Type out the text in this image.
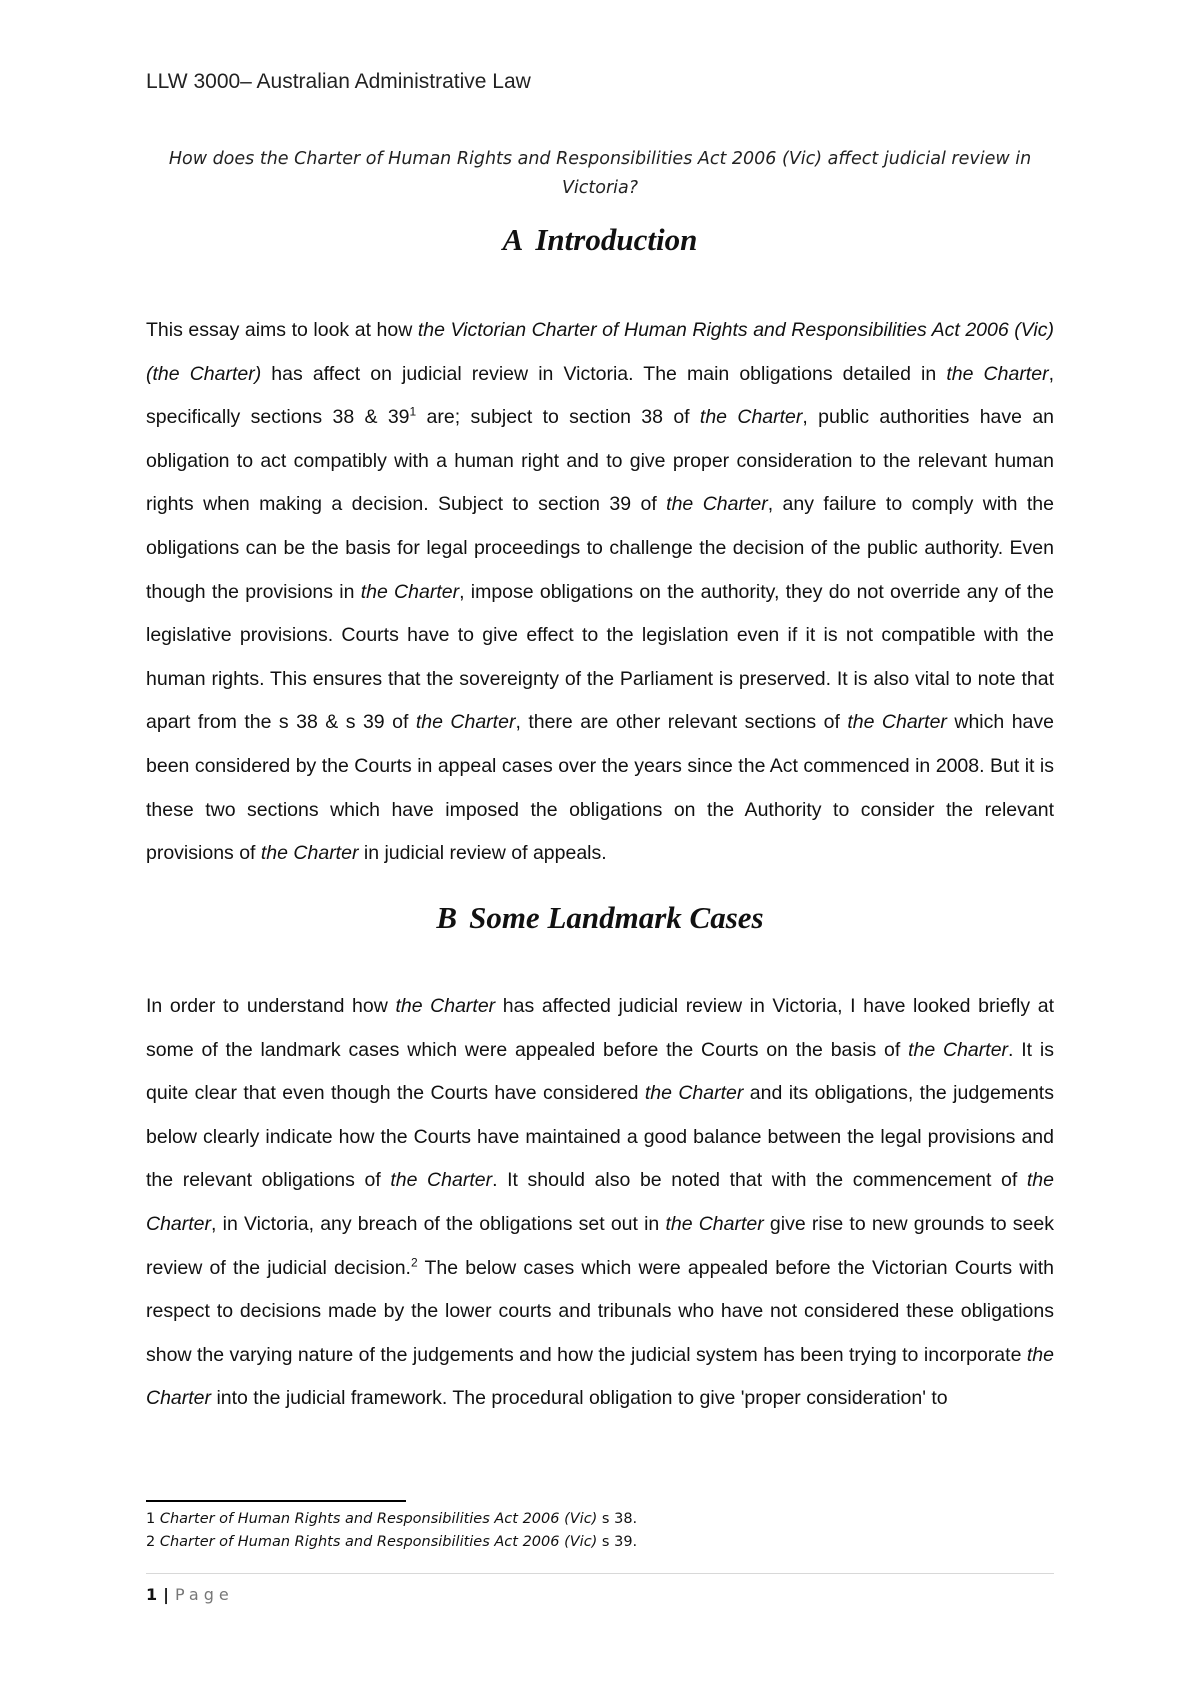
LLW 3000– Australian Administrative Law
How does the Charter of Human Rights and Responsibilities Act 2006 (Vic) affect judicial review in Victoria?
A Introduction
This essay aims to look at how the Victorian Charter of Human Rights and Responsibilities Act 2006 (Vic) (the Charter) has affect on judicial review in Victoria. The main obligations detailed in the Charter, specifically sections 38 & $39^1$ are; subject to section 38 of the Charter, public authorities have an obligation to act compatibly with a human right and to give proper consideration to the relevant human rights when making a decision. Subject to section 39 of the Charter, any failure to comply with the obligations can be the basis for legal proceedings to challenge the decision of the public authority. Even though the provisions in the Charter, impose obligations on the authority, they do not override any of the legislative provisions. Courts have to give effect to the legislation even if it is not compatible with the human rights. This ensures that the sovereignty of the Parliament is preserved. It is also vital to note that apart from the s 38 & s 39 of the Charter, there are other relevant sections of the Charter which have been considered by the Courts in appeal cases over the years since the Act commenced in 2008. But it is these two sections which have imposed the obligations on the Authority to consider the relevant provisions of the Charter in judicial review of appeals.
B Some Landmark Cases
In order to understand how the Charter has affected judicial review in Victoria, I have looked briefly at some of the landmark cases which were appealed before the Courts on the basis of the Charter. It is quite clear that even though the Courts have considered the Charter and its obligations, the judgements below clearly indicate how the Courts have maintained a good balance between the legal provisions and the relevant obligations of the Charter. It should also be noted that with the commencement of the Charter, in Victoria, any breach of the obligations set out in the Charter give rise to new grounds to seek review of the judicial decision.$^2$ The below cases which were appealed before the Victorian Courts with respect to decisions made by the lower courts and tribunals who have not considered these obligations show the varying nature of the judgements and how the judicial system has been trying to incorporate the Charter into the judicial framework. The procedural obligation to give 'proper consideration' to
1 Charter of Human Rights and Responsibilities Act 2006 (Vic) s 38.
2 Charter of Human Rights and Responsibilities Act 2006 (Vic) s 39.
1 | Page
